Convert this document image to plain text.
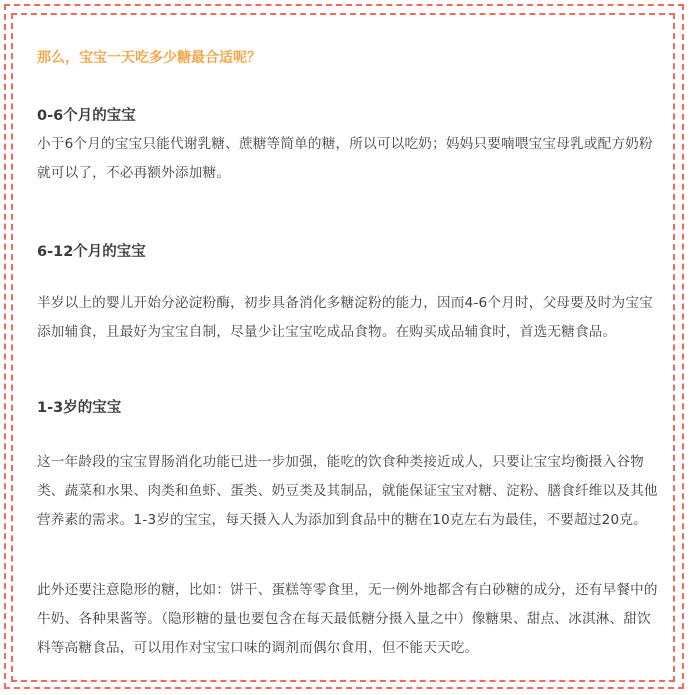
那么，宝宝一天吃多少糖最合适呢？

0-6个月的宝宝

小于6个月的宝宝只能代谢乳糖、蔗糖等简单的糖，所以可以吃奶；妈妈只要喃喂宝宝母乳或配方奶粉就可以了，不必再额外添加糖。

6-12个月的宝宝

半岁以上的婴儿开始分泌淀粉酶，初步具备消化多糖淀粉的能力，因而4-6个月时，父母要及时为宝宝添加辅食，且最好为宝宝自制，尽量少让宝宝吃成品食物。在购买成品辅食时，首选无糖食品。

1-3岁的宝宝

这一年龄段的宝宝胃肠消化功能已进一步加强，能吃的饮食种类接近成人，只要让宝宝均衡摄入谷物类、蔬菜和水果、肉类和鱼虾、蛋类、奶豆类及其制品，就能保证宝宝对糖、淀粉、膳食纤维以及其他营养素的需求。1-3岁的宝宝，每天摄入人为添加到食品中的糖在10克左右为最佳，不要超过20克。

此外还要注意隐形的糖，比如：饼干、蛋糕等零食里，无一例外地都含有白砂糖的成分，还有早餐中的牛奶、各种果酱等。（隐形糖的量也要包含在每天最低糖分摄入量之中）像糖果、甜点、冰淇淋、甜饮料等高糖食品，可以用作对宝宝口味的调剂而偶尔食用，但不能天天吃。
